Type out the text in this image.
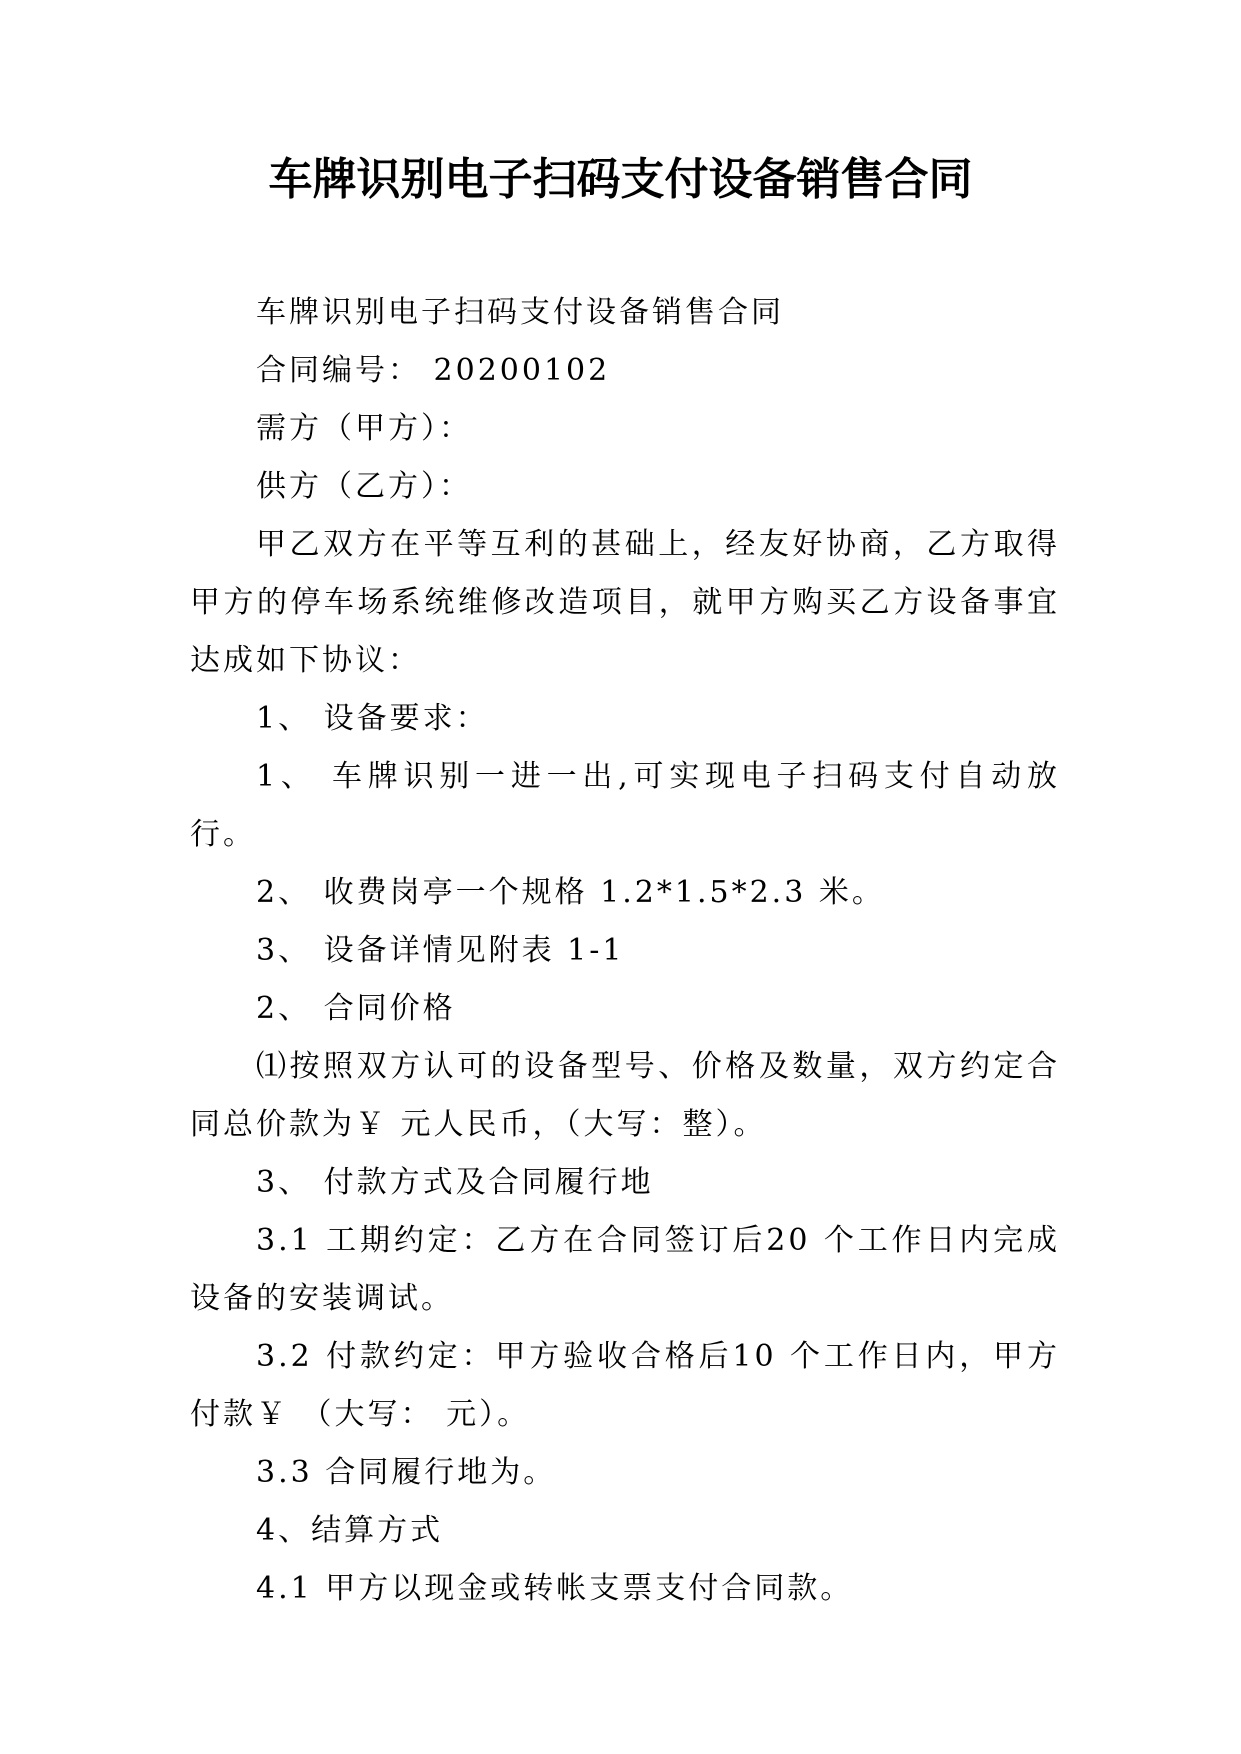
车牌识别电子扫码支付设备销售合同

车牌识别电子扫码支付设备销售合同

合同编号： 20200102

需方（甲方）：

供方（乙方）：

甲乙双方在平等互利的甚础上，经友好协商，乙方取得甲方的停车场系统维修改造项目，就甲方购买乙方设备事宜达成如下协议：

1、 设备要求：

1、 车牌识别一进一出,可实现电子扫码支付自动放行。

2、 收费岗亭一个规格 1.2*1.5*2.3 米。

3、 设备详情见附表 1-1

2、 合同价格

⑴按照双方认可的设备型号、价格及数量，双方约定合同总价款为￥ 元人民币，（大写：整）。

3、 付款方式及合同履行地

3.1 工期约定：乙方在合同签订后20 个工作日内完成设备的安装调试。

3.2 付款约定：甲方验收合格后10 个工作日内，甲方付款￥ （大写： 元）。

3.3 合同履行地为。

4、结算方式

4.1 甲方以现金或转帐支票支付合同款。
